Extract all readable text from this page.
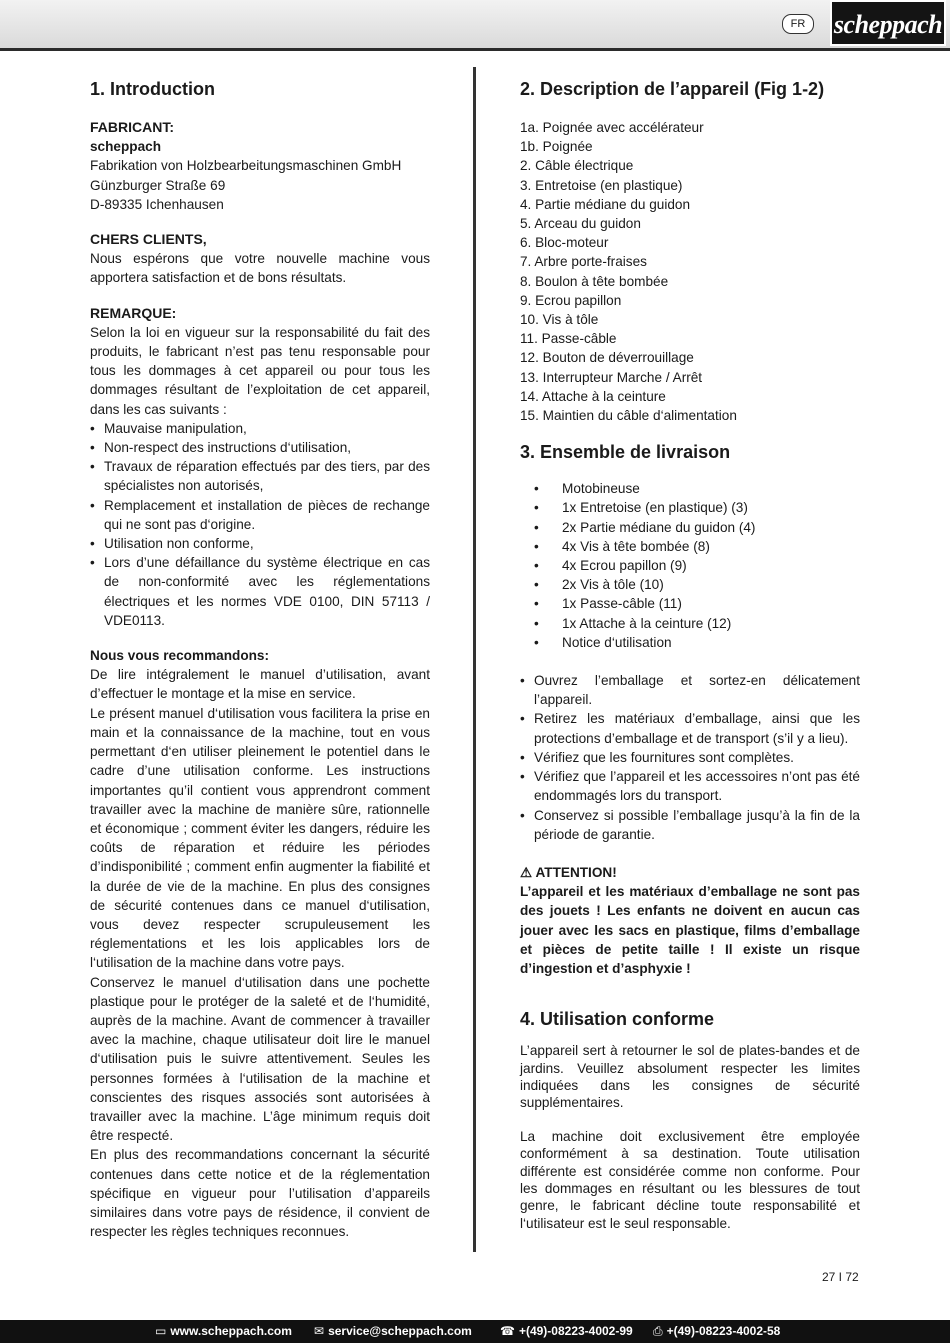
FR	scheppach
1. Introduction

FABRICANT:

scheppach

Fabrikation von Holzbearbeitungsmaschinen GmbH

Günzburger Straße 69

D-89335 Ichenhausen

CHERS CLIENTS,

Nous espérons que votre nouvelle machine vous apportera satisfaction et de bons résultats.

REMARQUE:

Selon la loi en vigueur sur la responsabilité du fait des produits, le fabricant n’est pas tenu responsable pour tous les dommages à cet appareil ou pour tous les dommages résultant de l’exploitation de cet appareil, dans les cas suivants :

• Mauvaise manipulation,
• Non-respect des instructions d‘utilisation,
• Travaux de réparation effectués par des tiers, par des spécialistes non autorisés,
• Remplacement et installation de pièces de rechange qui ne sont pas d‘origine.
• Utilisation non conforme,
• Lors d’une défaillance du système électrique en cas de non-conformité avec les réglementations électriques et les normes VDE 0100, DIN 57113 / VDE0113.

Nous vous recommandons:

De lire intégralement le manuel d’utilisation, avant d’effectuer le montage et la mise en service.

Le présent manuel d‘utilisation vous facilitera la prise en main et la connaissance de la machine, tout en vous permettant d‘en utiliser pleinement le potentiel dans le cadre d’une utilisation conforme. Les instructions importantes qu’il contient vous apprendront comment travailler avec la machine de manière sûre, rationnelle et économique ; comment éviter les dangers, réduire les coûts de réparation et réduire les périodes d’indisponibilité ; comment enfin augmenter la fiabilité et la durée de vie de la machine. En plus des consignes de sécurité contenues dans ce manuel d‘utilisation, vous devez respecter scrupuleusement les réglementations et les lois applicables lors de l‘utilisation de la machine dans votre pays.

Conservez le manuel d‘utilisation dans une pochette plastique pour le protéger de la saleté et de l‘humidité, auprès de la machine. Avant de commencer à travailler avec la machine, chaque utilisateur doit lire le manuel d‘utilisation puis le suivre attentivement. Seules les personnes formées à l‘utilisation de la machine et conscientes des risques associés sont autorisées à travailler avec la machine. L’âge minimum requis doit être respecté.

En plus des recommandations concernant la sécurité contenues dans cette notice et de la réglementation spécifique en vigueur pour l’utilisation d’appareils similaires dans votre pays de résidence, il convient de respecter les règles techniques reconnues.

2. Description de l’appareil (Fig 1-2)
1a. Poignée avec accélérateur
1b. Poignée
2. Câble électrique
3. Entretoise (en plastique)
4. Partie médiane du guidon
5. Arceau du guidon
6. Bloc-moteur
7. Arbre porte-fraises
8. Boulon à tête bombée
9. Ecrou papillon
10. Vis à tôle
11. Passe-câble
12. Bouton de déverrouillage
13. Interrupteur Marche / Arrêt
14. Attache à la ceinture
15. Maintien du câble d‘alimentation
3. Ensemble de livraison
• Motobineuse
• 1x Entretoise (en plastique) (3)
• 2x Partie médiane du guidon (4)
• 4x Vis à tête bombée (8)
• 4x Ecrou papillon (9)
• 2x Vis à tôle (10)
• 1x Passe-câble (11)
• 1x Attache à la ceinture (12)
• Notice d‘utilisation
• Ouvrez l’emballage et sortez-en délicatement l’appareil.
• Retirez les matériaux d’emballage, ainsi que les protections d’emballage et de transport (s’il y a lieu).
• Vérifiez que les fournitures sont complètes.
• Vérifiez que l’appareil et les accessoires n’ont pas été endommagés lors du transport.
• Conservez si possible l’emballage jusqu’à la fin de la période de garantie.

⚠ ATTENTION!

L’appareil et les matériaux d’emballage ne sont pas des jouets ! Les enfants ne doivent en aucun cas jouer avec les sacs en plastique, films d’emballage et pièces de petite taille ! Il existe un risque d’ingestion et d’asphyxie !

4. Utilisation conforme

L’appareil sert à retourner le sol de plates-bandes et de jardins. Veuillez absolument respecter les limites indiquées dans les consignes de sécurité supplémentaires.

La machine doit exclusivement être employée conformément à sa destination. Toute utilisation différente est considérée comme non conforme. Pour les dommages en résultant ou les blessures de tout genre, le fabricant décline toute responsabilité et l‘utilisateur est le seul responsable.

27 I 72
▭ www.scheppach.com ✉ service@scheppach.com ☎ +(49)-08223-4002-99 ⎙ +(49)-08223-4002-58
